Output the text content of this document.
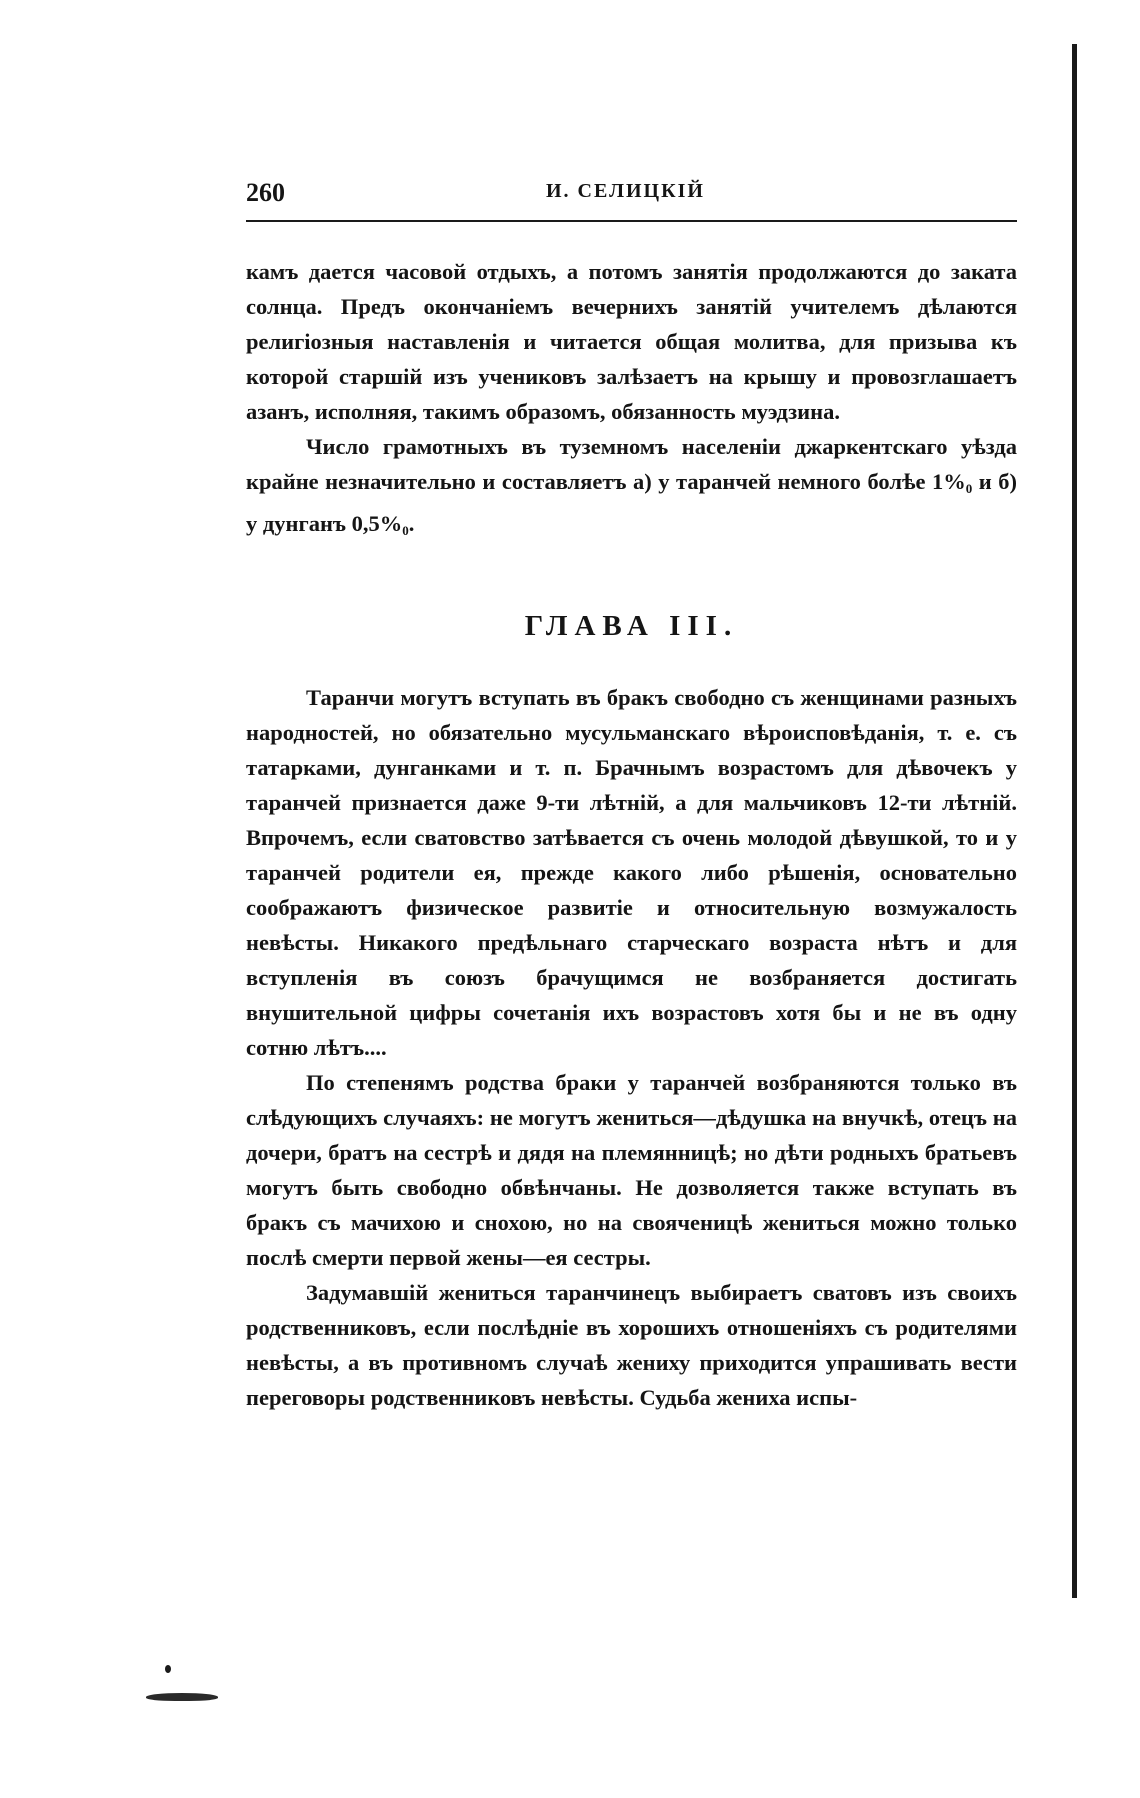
260	И. СЕЛИЦКІЙ

камъ дается часовой отдыхъ, а потомъ занятія продолжаются до заката солнца. Предъ окончаніемъ вечернихъ занятій учителемъ дѣлаются религіозныя наставленія и читается общая молитва, для призыва къ которой старшій изъ учениковъ залѣзаетъ на крышу и провозглашаетъ азанъ, исполняя, такимъ образомъ, обязанность муэдзина.

Число грамотныхъ въ туземномъ населеніи джаркентскаго уѣзда крайне незначительно и составляетъ а) у таранчей немного болѣе 1%0 и б) у дунганъ 0,5%0.

ГЛАВА III.

Таранчи могутъ вступать въ бракъ свободно съ женщинами разныхъ народностей, но обязательно мусульманскаго вѣроисповѣданія, т. е. съ татарками, дунганками и т. п. Брачнымъ возрастомъ для дѣвочекъ у таранчей признается даже 9-ти лѣтній, а для мальчиковъ 12-ти лѣтній. Впрочемъ, если сватовство затѣвается съ очень молодой дѣвушкой, то и у таранчей родители ея, прежде какого либо рѣшенія, основательно соображаютъ физическое развитіе и относительную возмужалость невѣсты. Никакого предѣльнаго старческаго возраста нѣтъ и для вступленія въ союзъ брачущимся не возбраняется достигать внушительной цифры сочетанія ихъ возрастовъ хотя бы и не въ одну сотню лѣтъ....

По степенямъ родства браки у таранчей возбраняются только въ слѣдующихъ случаяхъ: не могутъ жениться—дѣдушка на внучкѣ, отецъ на дочери, братъ на сестрѣ и дядя на племянницѣ; но дѣти родныхъ братьевъ могутъ быть свободно обвѣнчаны. Не дозволяется также вступать въ бракъ съ мачихою и снохою, но на свояченицѣ жениться можно только послѣ смерти первой жены—ея сестры.

Задумавшій жениться таранчинецъ выбираетъ сватовъ изъ своихъ родственниковъ, если послѣдніе въ хорошихъ отношеніяхъ съ родителями невѣсты, а въ противномъ случаѣ жениху приходится упрашивать вести переговоры родственниковъ невѣсты. Судьба жениха испы-
